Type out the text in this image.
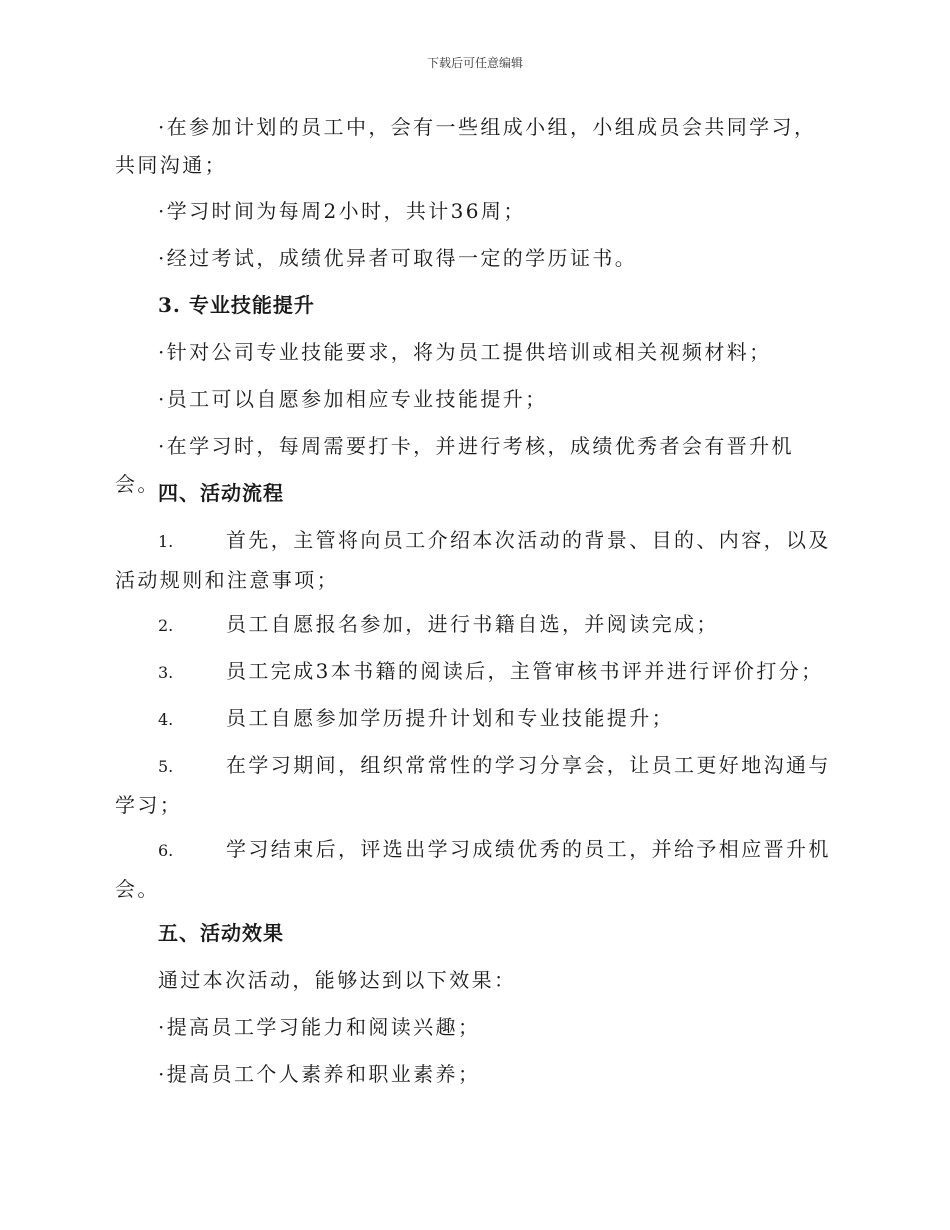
下载后可任意编辑

·在参加计划的员工中，会有一些组成小组，小组成员会共同学习，共同沟通；

·学习时间为每周2小时，共计36周；

·经过考试，成绩优异者可取得一定的学历证书。

3. 专业技能提升

·针对公司专业技能要求，将为员工提供培训或相关视频材料；

·员工可以自愿参加相应专业技能提升；

·在学习时，每周需要打卡，并进行考核，成绩优秀者会有晋升机会。

四、活动流程

1.	首先，主管将向员工介绍本次活动的背景、目的、内容，以及活动规则和注意事项；

2.	员工自愿报名参加，进行书籍自选，并阅读完成；

3.	员工完成3本书籍的阅读后，主管审核书评并进行评价打分；

4.	员工自愿参加学历提升计划和专业技能提升；

5.	在学习期间，组织常常性的学习分享会，让员工更好地沟通与学习；

6.	学习结束后，评选出学习成绩优秀的员工，并给予相应晋升机会。

五、活动效果

通过本次活动，能够达到以下效果：

·提高员工学习能力和阅读兴趣；

·提高员工个人素养和职业素养；
